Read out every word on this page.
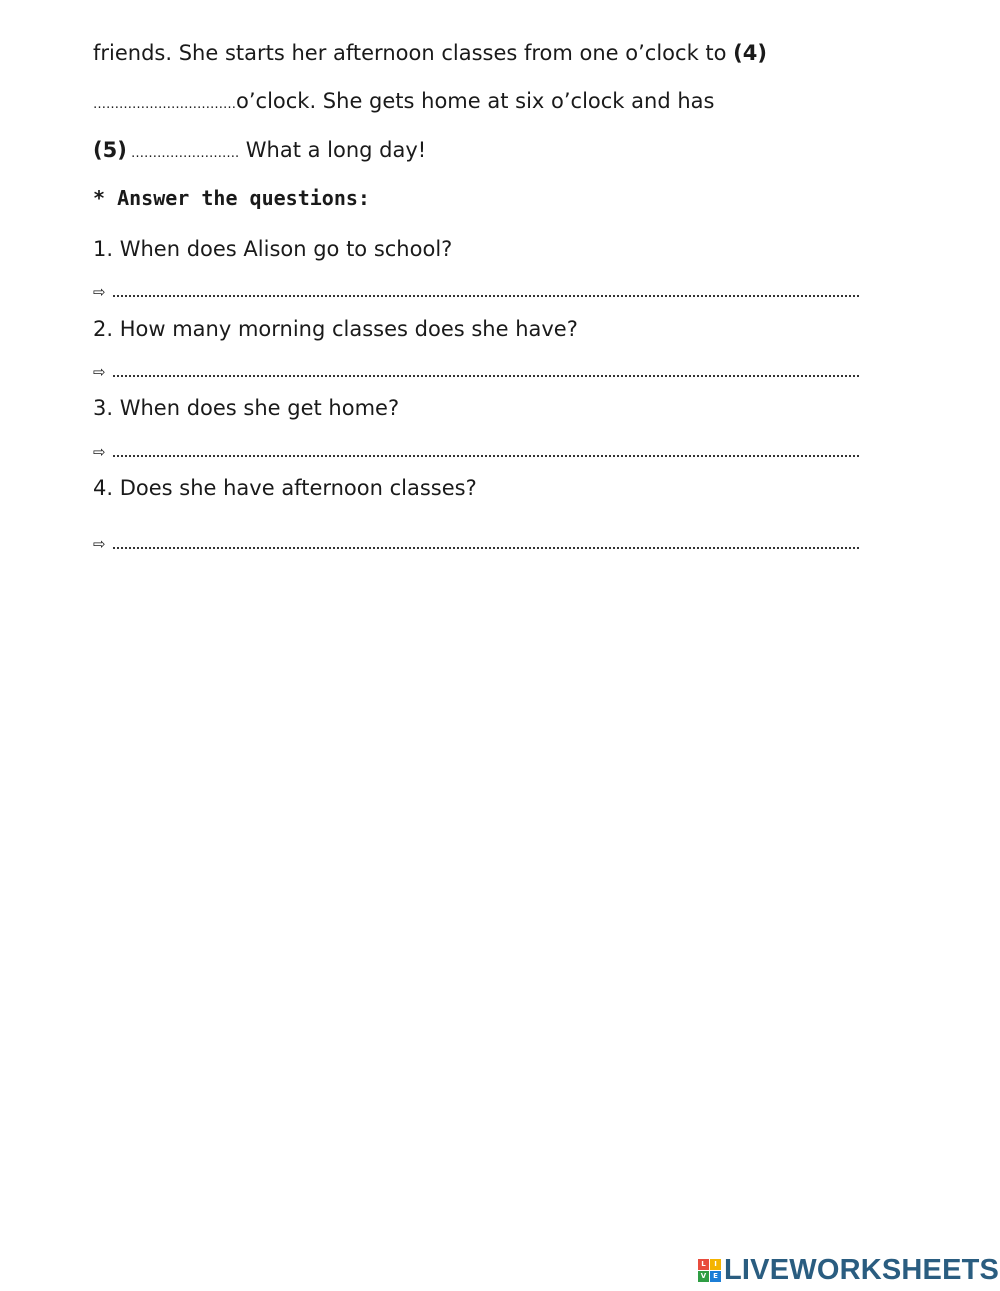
friends. She starts her afternoon classes from one o’clock to (4)
……………………………o’clock. She gets home at six o’clock and has
(5) ……………………. What a long day!
* Answer the questions:
1. When does Alison go to school?
⇨
2. How many morning classes does she have?
⇨
3. When does she get home?
⇨
4. Does she have afternoon classes?
⇨
L	I
V E LIVEWORKSHEETS
